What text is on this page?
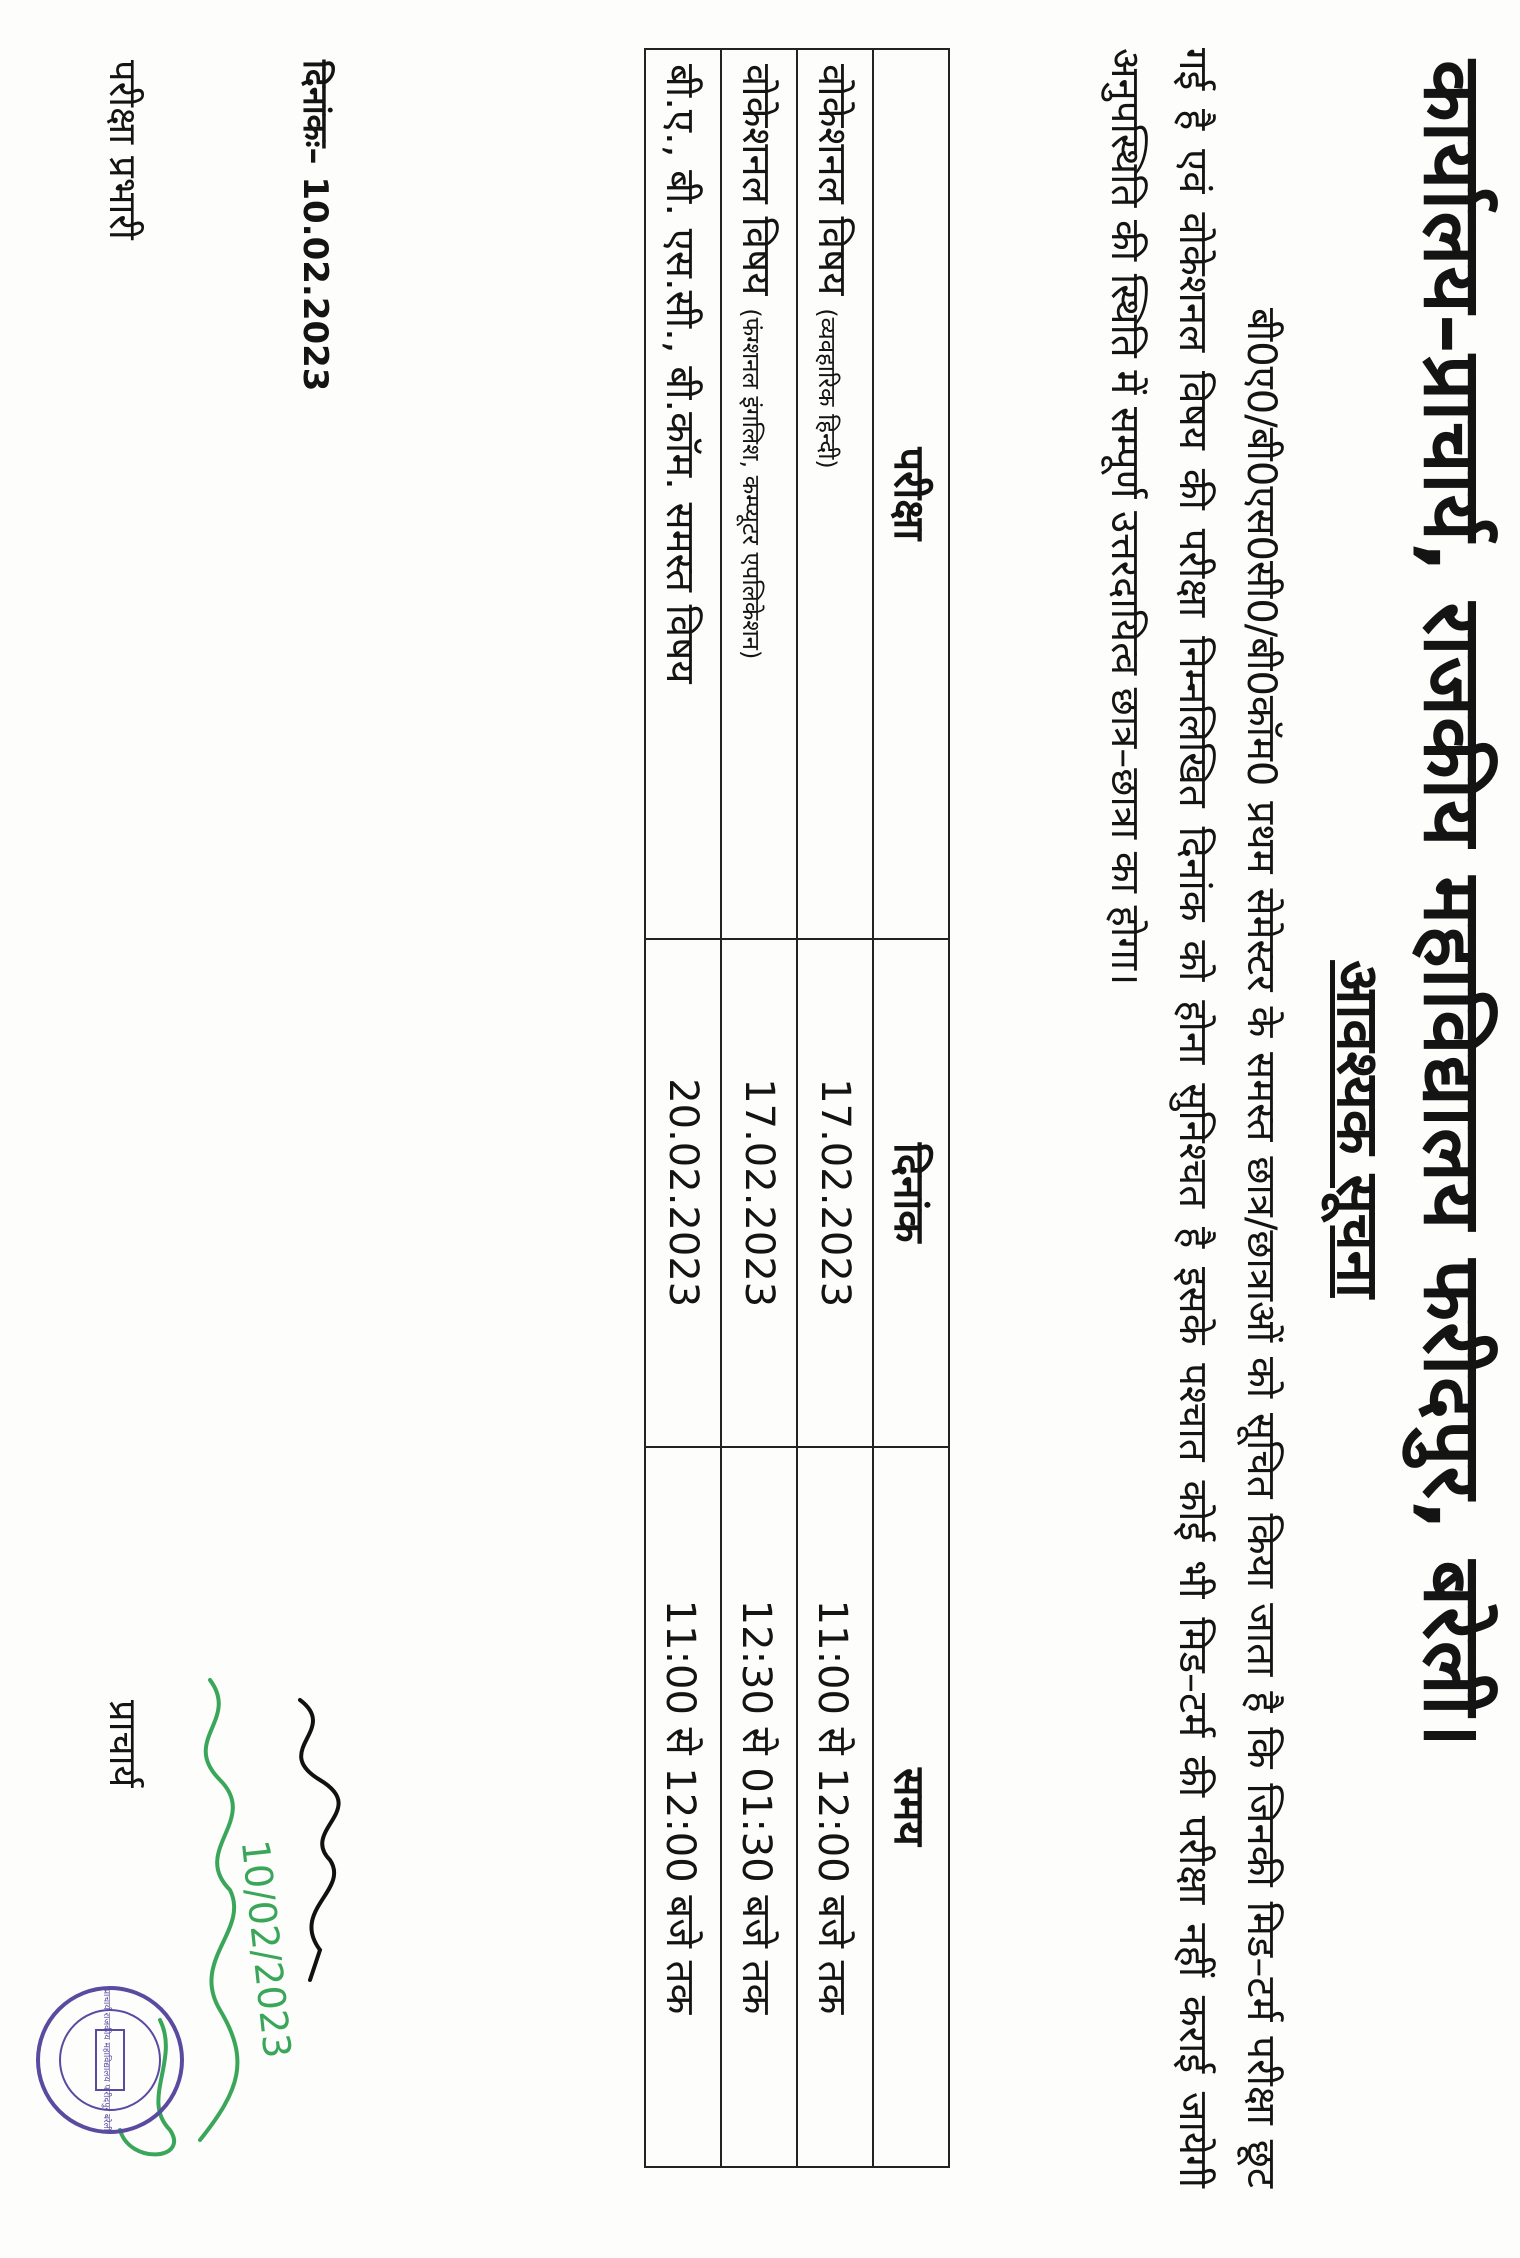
कार्यालय–प्राचार्य, राजकीय महाविद्यालय फरीदपुर, बरेली।
आवश्यक सूचना
बी0ए0/बी0एस0सी0/बी0कॉम0 प्रथम सेमेस्टर के समस्त छात्र/छात्राओं को सूचित किया जाता है कि जिनकी मिड–टर्म परीक्षा छूट गई है एवं वोकेशनल विषय की परीक्षा निम्नलिखित दिनांक को होना सुनिश्चत है इसके पश्चात कोई भी मिड–टर्म की परीक्षा नहीं कराई जायेगी अनुपस्थिति की स्थिति में सम्पूर्ण उत्तरदायित्व छात्र–छात्रा का होगा।
परीक्षा	दिनांक	समय
वोकेशनल विषय (व्यवहारिक हिन्दी)	17.02.2023	11:00 से 12:00 बजे तक
वोकेशनल विषय (फंग्शनल इंगलिश, कम्प्यूटर एपलिकेशन)	17.02.2023	12:30 से 01:30 बजे तक
बी.ए., बी. एस.सी., बी.कॉम. समस्त विषय	20.02.2023	11:00 से 12:00 बजे तक
दिनांकः– 10.02.2023
परीक्षा प्रभारी
प्राचार्य
10/02/2023
प्राचार्य राजकीय महाविद्यालय फरीदपुर बरेली
